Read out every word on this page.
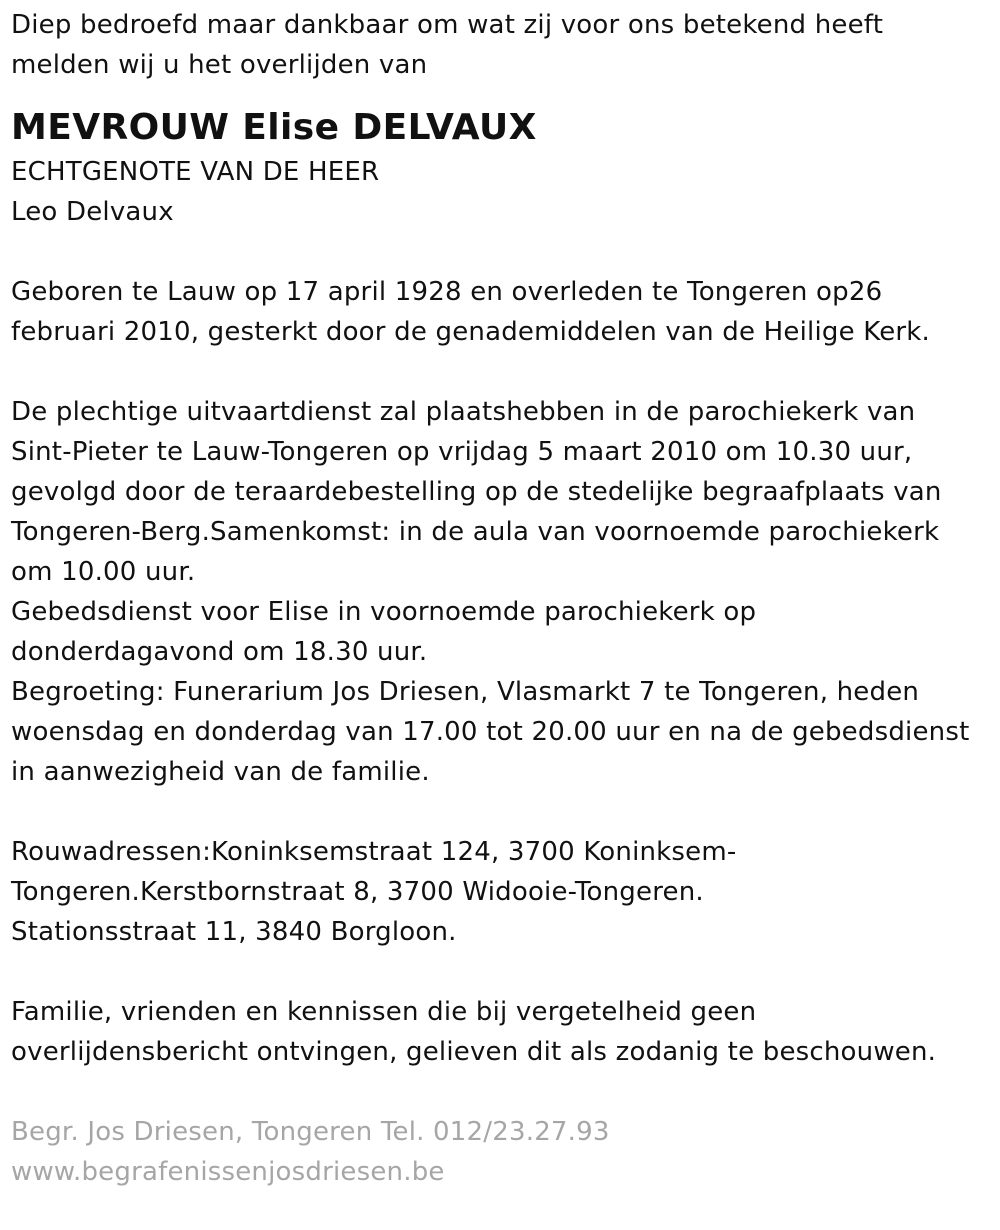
Diep bedroefd maar dankbaar om wat zij voor ons betekend heeft
melden wij u het overlijden van
MEVROUW Elise DELVAUX
ECHTGENOTE VAN DE HEER
Leo Delvaux
Geboren te Lauw op 17 april 1928 en overleden te Tongeren op26
februari 2010, gesterkt door de genademiddelen van de Heilige Kerk.
De plechtige uitvaartdienst zal plaatshebben in de parochiekerk van
Sint-Pieter te Lauw-Tongeren op vrijdag 5 maart 2010 om 10.30 uur,
gevolgd door de teraardebestelling op de stedelijke begraafplaats van
Tongeren-Berg.Samenkomst: in de aula van voornoemde parochiekerk
om 10.00 uur.
Gebedsdienst voor Elise in voornoemde parochiekerk op
donderdagavond om 18.30 uur.
Begroeting: Funerarium Jos Driesen, Vlasmarkt 7 te Tongeren, heden
woensdag en donderdag van 17.00 tot 20.00 uur en na de gebedsdienst
in aanwezigheid van de familie.
Rouwadressen:Koninksemstraat 124, 3700 Koninksem-
Tongeren.Kerstbornstraat 8, 3700 Widooie-Tongeren.
Stationsstraat 11, 3840 Borgloon.
Familie, vrienden en kennissen die bij vergetelheid geen
overlijdensbericht ontvingen, gelieven dit als zodanig te beschouwen.
Begr. Jos Driesen, Tongeren Tel. 012/23.27.93
www.begrafenissenjosdriesen.be
